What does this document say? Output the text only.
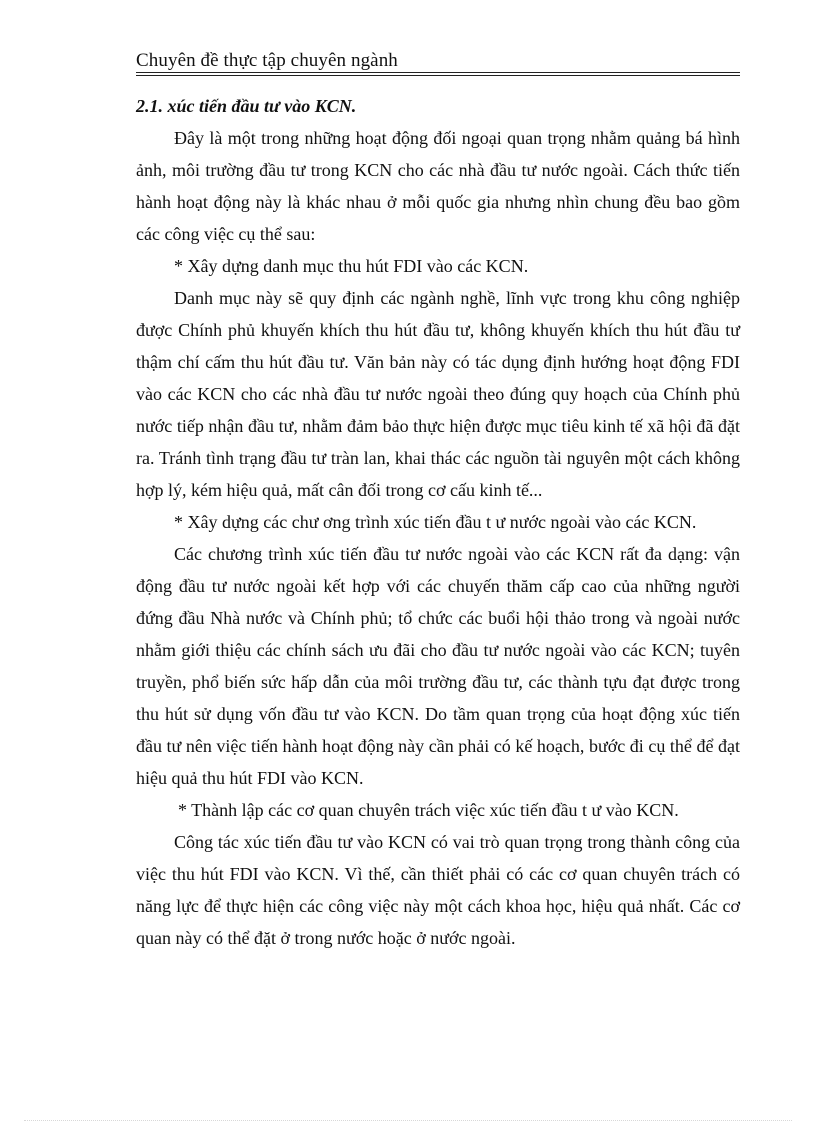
Chuyên đề thực tập chuyên ngành

2.1. xúc tiến đầu tư vào KCN.

Đây là một trong những hoạt động đối ngoại quan trọng nhằm quảng bá hình ảnh, môi trường đầu tư trong KCN cho các nhà đầu tư nước ngoài. Cách thức tiến hành hoạt động này là khác nhau ở mỗi quốc gia nhưng nhìn chung đều bao gồm các công việc cụ thể sau:

* Xây dựng danh mục thu hút FDI vào các KCN.

Danh mục này sẽ quy định các ngành nghề, lĩnh vực trong khu công nghiệp được Chính phủ khuyến khích thu hút đầu tư, không khuyến khích thu hút đầu tư thậm chí cấm thu hút đầu tư. Văn bản này có tác dụng định hướng hoạt động FDI vào các KCN cho các nhà đầu tư nước ngoài theo đúng quy hoạch của Chính phủ nước tiếp nhận đầu tư, nhằm đảm bảo thực hiện được mục tiêu kinh tế xã hội đã đặt ra. Tránh tình trạng đầu tư tràn lan, khai thác các nguồn tài nguyên một cách không hợp lý, kém hiệu quả, mất cân đối trong cơ cấu kinh tế...

* Xây dựng các chư ơng trình xúc tiến đầu t ư nước ngoài vào các KCN.

Các chương trình xúc tiến đầu tư nước ngoài vào các KCN rất đa dạng: vận động đầu tư nước ngoài kết hợp với các chuyến thăm cấp cao của những người đứng đầu Nhà nước và Chính phủ; tổ chức các buổi hội thảo trong và ngoài nước nhằm giới thiệu các chính sách ưu đãi cho đầu tư nước ngoài vào các KCN; tuyên truyền, phổ biến sức hấp dẫn của môi trường đầu tư, các thành tựu đạt được trong thu hút sử dụng vốn đầu tư vào KCN. Do tầm quan trọng của hoạt động xúc tiến đầu tư nên việc tiến hành hoạt động này cần phải có kế hoạch, bước đi cụ thể để đạt hiệu quả thu hút FDI vào KCN.

* Thành lập các cơ quan chuyên trách việc xúc tiến đầu t ư vào KCN.

Công tác xúc tiến đầu tư vào KCN có vai trò quan trọng trong thành công của việc thu hút FDI vào KCN. Vì thế, cần thiết phải có các cơ quan chuyên trách có năng lực để thực hiện các công việc này một cách khoa học, hiệu quả nhất. Các cơ quan này có thể đặt ở trong nước hoặc ở nước ngoài.
